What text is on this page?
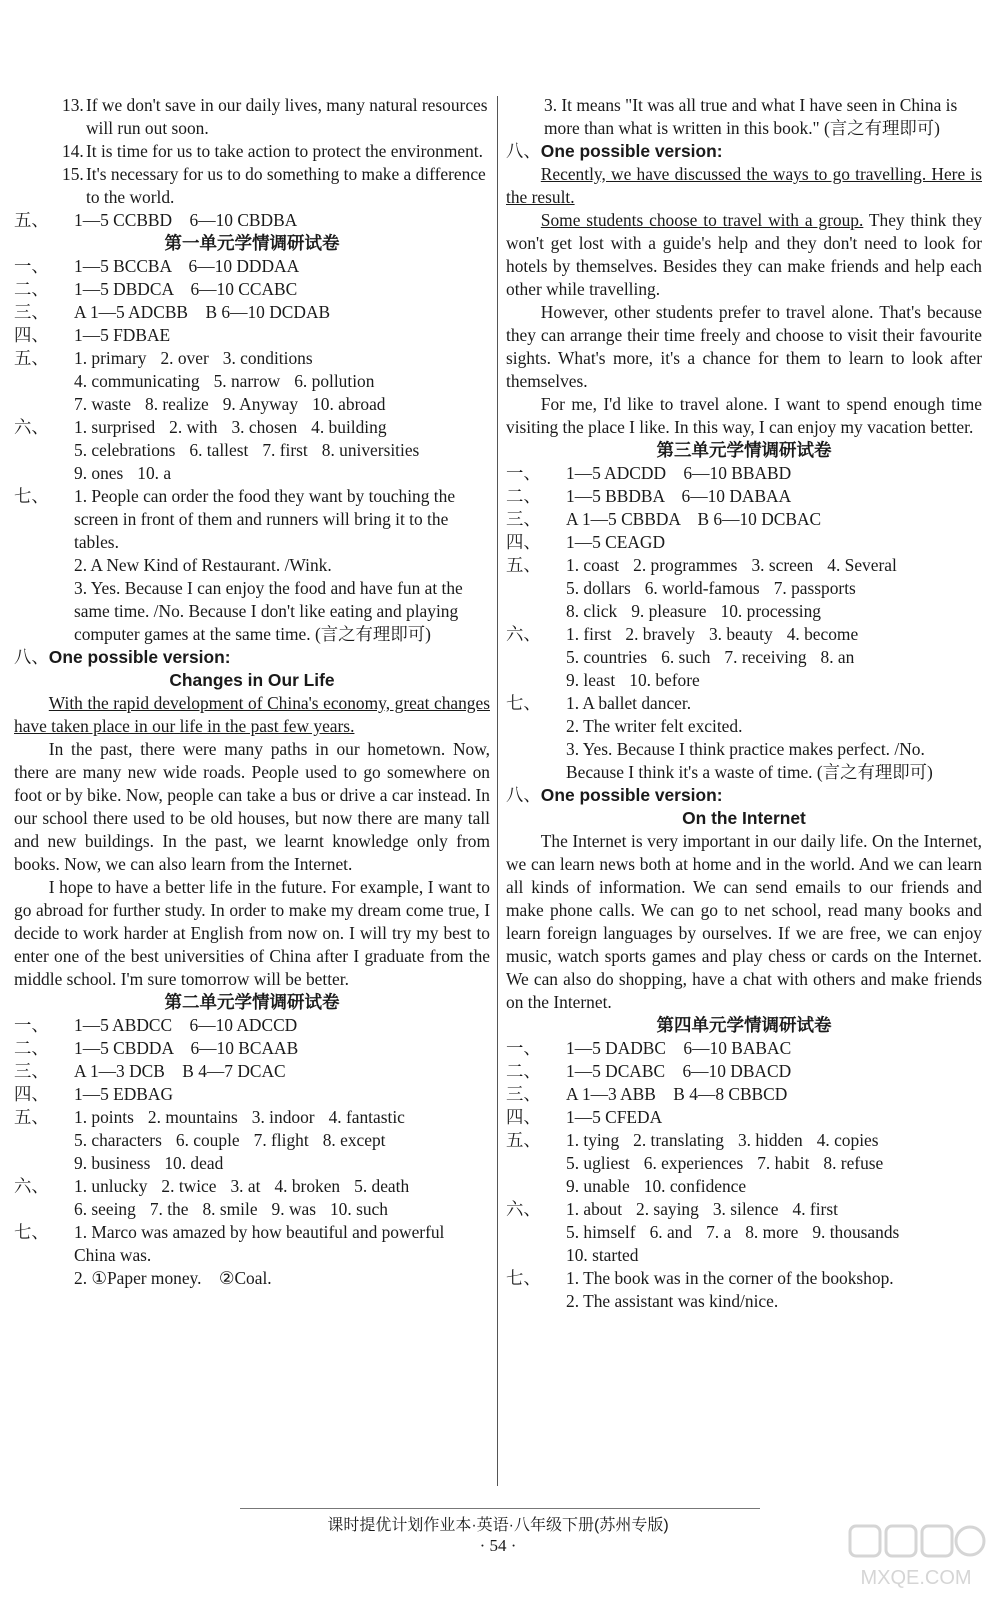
13. If we don't save in our daily lives, many natural resources will run out soon.
14. It is time for us to take action to protect the environment.
15. It's necessary for us to do something to make a difference to the world.
五、 1—5 CCBBD　 6—10 CBDBA
第一单元学情调研试卷
一、 1—5 BCCBA　 6—10 DDDAA
二、 1—5 DBDCA　 6—10 CCABC
三、 A 1—5 ADCBB　 B 6—10 DCDAB
四、 1—5 FDBAE
五、 1. primary 2. over 3. conditions
4. communicating 5. narrow 6. pollution
7. waste 8. realize 9. Anyway 10. abroad
六、 1. surprised 2. with 3. chosen 4. building
5. celebrations 6. tallest 7. first 8. universities
9. ones 10. a
七、 1. People can order the food they want by touching the screen in front of them and runners will bring it to the tables.
2. A New Kind of Restaurant. /Wink.
3. Yes. Because I can enjoy the food and have fun at the same time. /No. Because I don't like eating and playing computer games at the same time. (言之有理即可)
八、One possible version:
Changes in Our Life

With the rapid development of China's economy, great changes have taken place in our life in the past few years.

In the past, there were many paths in our hometown. Now, there are many new wide roads. People used to go somewhere on foot or by bike. Now, people can take a bus or drive a car instead. In our school there used to be old houses, but now there are many tall and new buildings. In the past, we learnt knowledge only from books. Now, we can also learn from the Internet.

I hope to have a better life in the future. For example, I want to go abroad for further study. In order to make my dream come true, I decide to work harder at English from now on. I will try my best to enter one of the best universities of China after I graduate from the middle school. I'm sure tomorrow will be better.

第二单元学情调研试卷
一、 1—5 ABDCC　 6—10 ADCCD
二、 1—5 CBDDA　 6—10 BCAAB
三、 A 1—3 DCB　 B 4—7 DCAC
四、 1—5 EDBAG
五、 1. points 2. mountains 3. indoor 4. fantastic
5. characters 6. couple 7. flight 8. except
9. business 10. dead
六、 1. unlucky 2. twice 3. at 4. broken 5. death
6. seeing 7. the 8. smile 9. was 10. such
七、 1. Marco was amazed by how beautiful and powerful China was.
2. ①Paper money.　②Coal.
3. It means "It was all true and what I have seen in China is more than what is written in this book." (言之有理即可)
八、One possible version:

Recently, we have discussed the ways to go travelling. Here is the result.

Some students choose to travel with a group. They think they won't get lost with a guide's help and they don't need to look for hotels by themselves. Besides they can make friends and help each other while travelling.

However, other students prefer to travel alone. That's because they can arrange their time freely and choose to visit their favourite sights. What's more, it's a chance for them to learn to look after themselves.

For me, I'd like to travel alone. I want to spend enough time visiting the place I like. In this way, I can enjoy my vacation better.

第三单元学情调研试卷
一、 1—5 ADCDD　 6—10 BBABD
二、 1—5 BBDBA　 6—10 DABAA
三、 A 1—5 CBBDA　 B 6—10 DCBAC
四、 1—5 CEAGD
五、 1. coast 2. programmes 3. screen 4. Several
5. dollars 6. world-famous 7. passports
8. click 9. pleasure 10. processing
六、 1. first 2. bravely 3. beauty 4. become
5. countries 6. such 7. receiving 8. an
9. least 10. before
七、 1. A ballet dancer.
2. The writer felt excited.
3. Yes. Because I think practice makes perfect. /No. Because I think it's a waste of time. (言之有理即可)
八、One possible version:
On the Internet

The Internet is very important in our daily life. On the Internet, we can learn news both at home and in the world. And we can learn all kinds of information. We can send emails to our friends and make phone calls. We can go to net school, read many books and learn foreign languages by ourselves. If we are free, we can enjoy music, watch sports games and play chess or cards on the Internet. We can also do shopping, have a chat with others and make friends on the Internet.

第四单元学情调研试卷
一、 1—5 DADBC　 6—10 BABAC
二、 1—5 DCABC　 6—10 DBACD
三、 A 1—3 ABB　 B 4—8 CBBCD
四、 1—5 CFEDA
五、 1. tying 2. translating 3. hidden 4. copies
5. ugliest 6. experiences 7. habit 8. refuse
9. unable 10. confidence
六、 1. about 2. saying 3. silence 4. first
5. himself 6. and 7. a 8. more 9. thousands
10. started
七、 1. The book was in the corner of the bookshop.
2. The assistant was kind/nice.
课时提优计划作业本·英语·八年级下册(苏州专版)
· 54 ·
MXQE.COM
